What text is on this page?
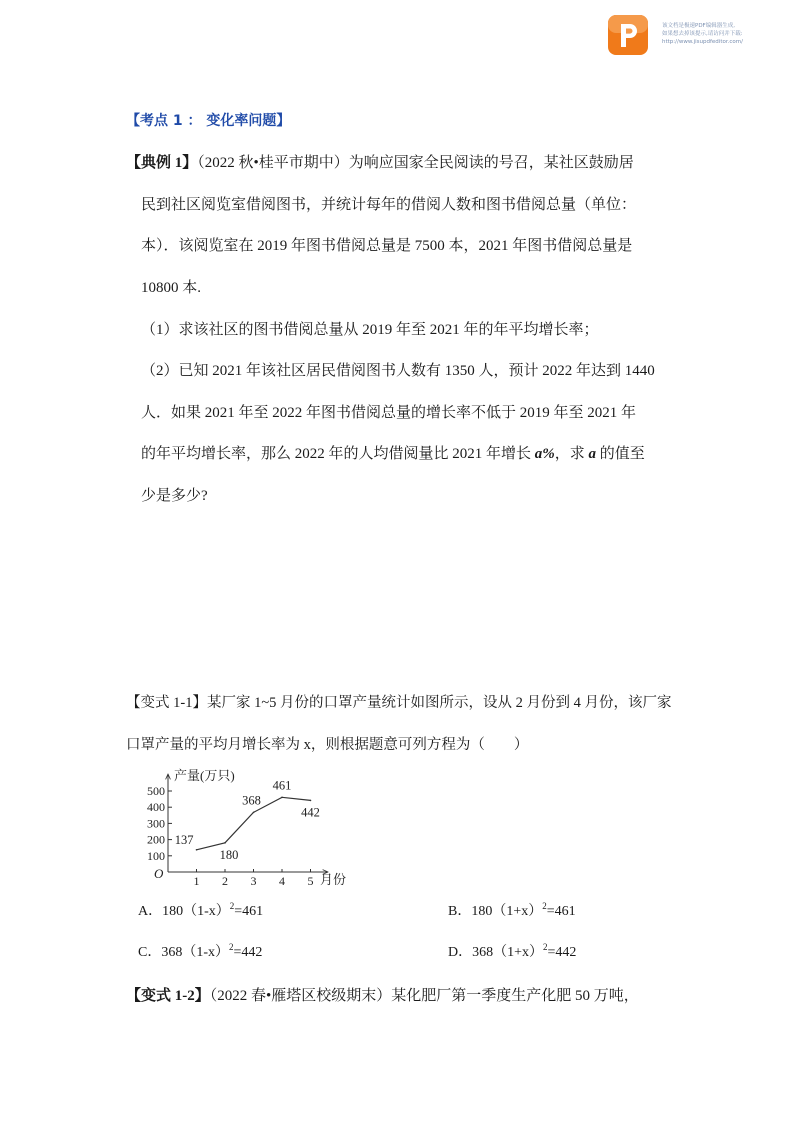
该文档是极速PDF编辑器生成,
如果想去掉该提示,请访问并下载:
http://www.jisupdfeditor.com/
【考点 1 ： 变化率问题】
【典例 1】（2022 秋•桂平市期中）为响应国家全民阅读的号召，某社区鼓励居
民到社区阅览室借阅图书，并统计每年的借阅人数和图书借阅总量（单位：
本）．该阅览室在 2019 年图书借阅总量是 7500 本，2021 年图书借阅总量是
10800 本.
（1）求该社区的图书借阅总量从 2019 年至 2021 年的年平均增长率；
（2）已知 2021 年该社区居民借阅图书人数有 1350 人，预计 2022 年达到 1440
人．如果 2021 年至 2022 年图书借阅总量的增长率不低于 2019 年至 2021 年
的年平均增长率，那么 2022 年的人均借阅量比 2021 年增长 a%，求 a 的值至
少是多少?
【变式 1-1】某厂家 1~5 月份的口罩产量统计如图所示，设从 2 月份到 4 月份，该厂家
口罩产量的平均月增长率为 x，则根据题意可列方程为（　　）
产量(万只)
O	月份
100
200
300
400
500
1 2 3 4 5
137
180
368
461
442
A．$180(1-x)^2=461$	B．$180(1+x)^2=461$
C．$368(1-x)^2=442$	D．$368(1+x)^2=442$
【变式 1-2】（2022 春•雁塔区校级期末）某化肥厂第一季度生产化肥 50 万吨，
